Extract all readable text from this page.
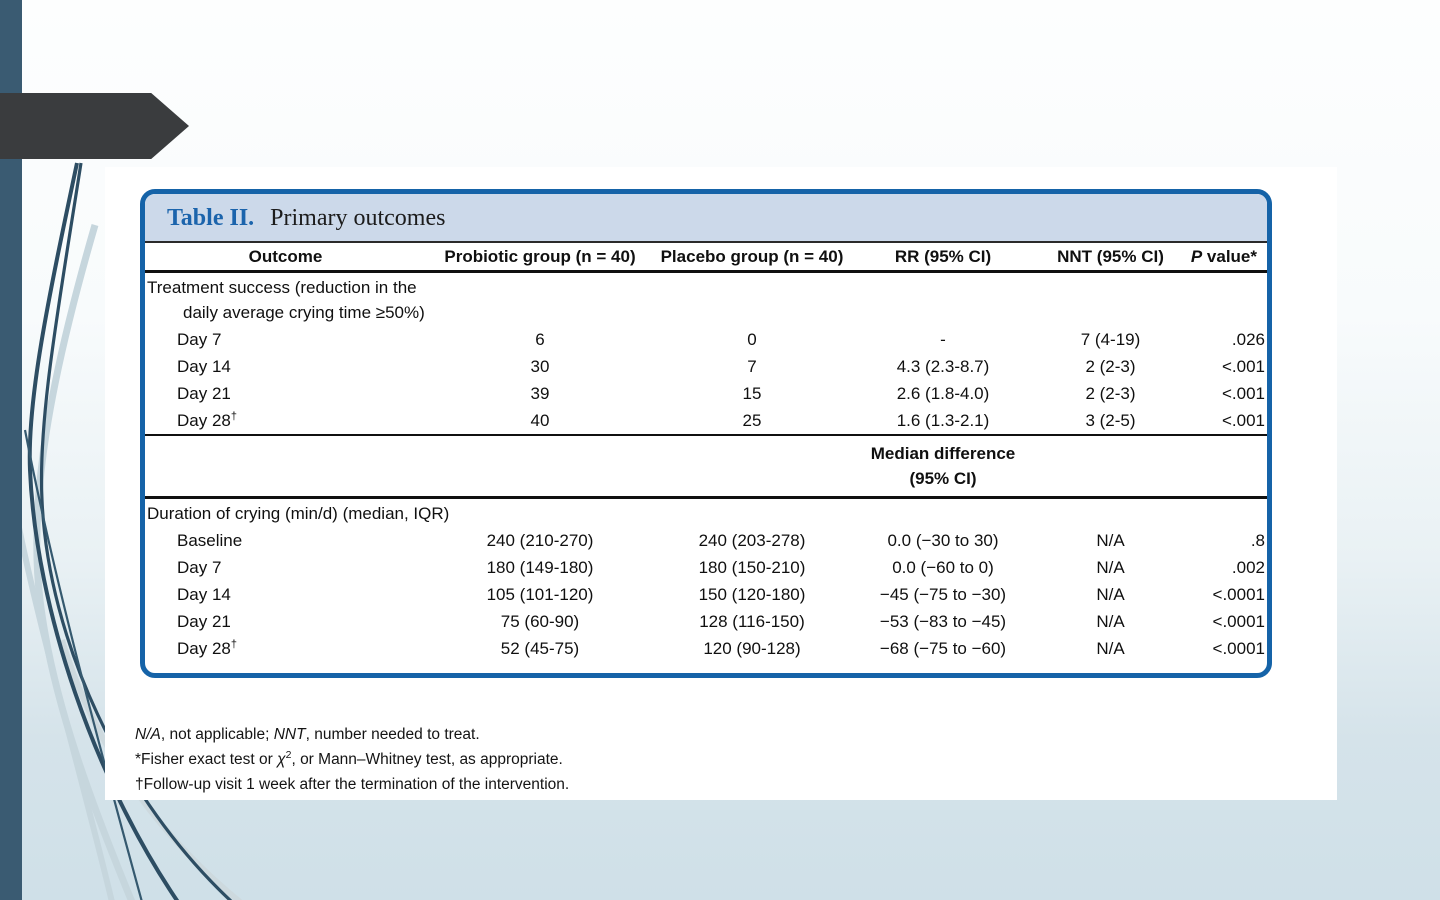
Table II. Primary outcomes
Outcome	Probiotic group (n = 40)	Placebo group (n = 40)	RR (95% CI)	NNT (95% CI)	P value*

Treatment success (reduction in the
daily average crying time ≥50%)					

Day 7	6	0	-	7 (4-19)	.026
Day 14	30	7	4.3 (2.3-8.7)	2 (2-3)	<.001
Day 21	39	15	2.6 (1.8-4.0)	2 (2-3)	<.001
Day 28†	40	25	1.6 (1.3-2.1)	3 (2-5)	<.001
			Median difference (95% CI)		
Duration of crying (min/d) (median, IQR)					
Baseline	240 (210-270)	240 (203-278)	0.0 (−30 to 30)	N/A	.8
Day 7	180 (149-180)	180 (150-210)	0.0 (−60 to 0)	N/A	.002
Day 14	105 (101-120)	150 (120-180)	−45 (−75 to −30)	N/A	<.0001
Day 21	75 (60-90)	128 (116-150)	−53 (−83 to −45)	N/A	<.0001
Day 28†	52 (45-75)	120 (90-128)	−68 (−75 to −60)	N/A	<.0001
N/A, not applicable; NNT, number needed to treat.
*Fisher exact test or χ$^2$, or Mann–Whitney test, as appropriate.
†Follow-up visit 1 week after the termination of the intervention.
